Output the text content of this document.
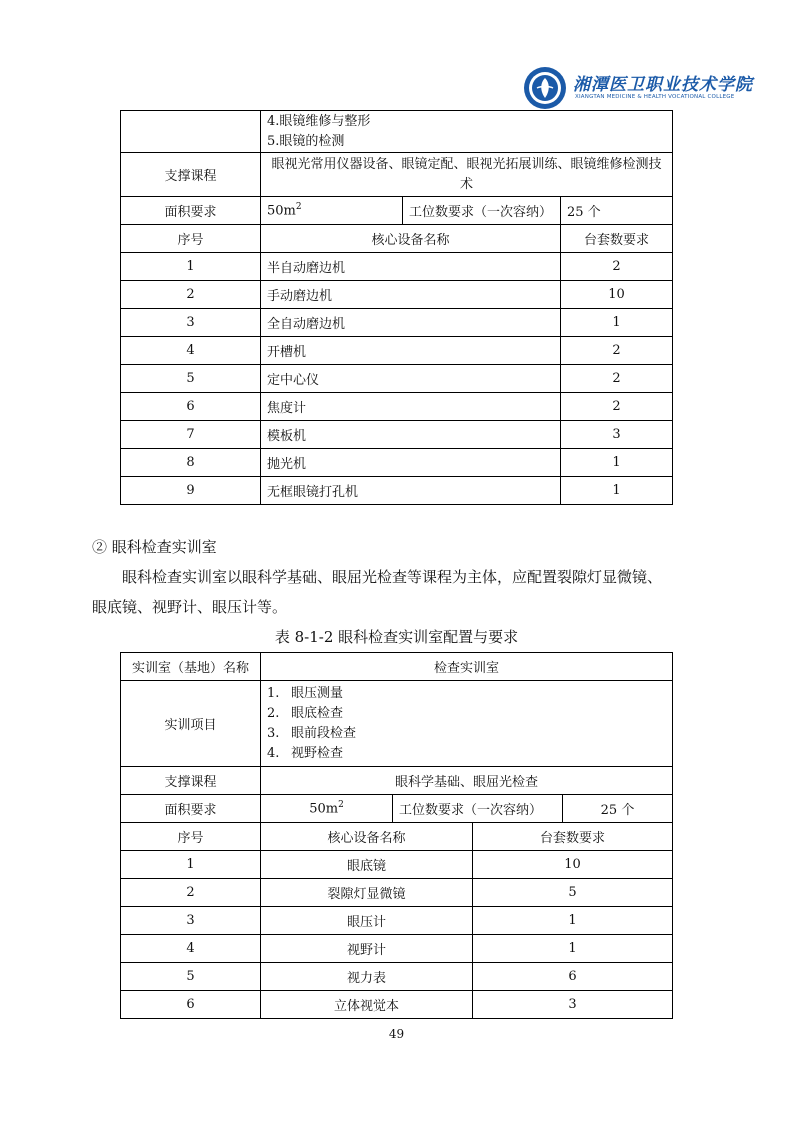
湘潭医卫职业技术学院
XIANGTAN MEDICINE & HEALTH VOCATIONAL COLLEGE

	4.眼镜维修与整形
5.眼镜的检测		

支撑课程	眼视光常用仪器设备、眼镜定配、眼视光拓展训练、眼镜维修检测技术		
面积要求	$50m^2$	工位数要求（一次容纳）	25 个
序号	核心设备名称		台套数要求
1	半自动磨边机		2
2	手动磨边机		10
3	全自动磨边机		1
4	开槽机		2
5	定中心仪		2
6	焦度计		2
7	模板机		3
8	抛光机		1
9	无框眼镜打孔机		1
② 眼科检查实训室

眼科检查实训室以眼科学基础、眼屈光检查等课程为主体，应配置裂隙灯显微镜、

眼底镜、视野计、眼压计等。

表 8-1-2 眼科检查实训室配置与要求
实训室（基地）名称	检查实训室			
实训项目	1. 眼压测量
2. 眼底检查
3. 眼前段检查
4. 视野检查			

支撑课程	眼科学基础、眼屈光检查			
面积要求	$50m^2$	工位数要求（一次容纳）		25 个
序号	核心设备名称		台套数要求	
1	眼底镜		10	
2	裂隙灯显微镜		5	
3	眼压计		1	
4	视野计		1	
5	视力表		6	
6	立体视觉本		3	
49
